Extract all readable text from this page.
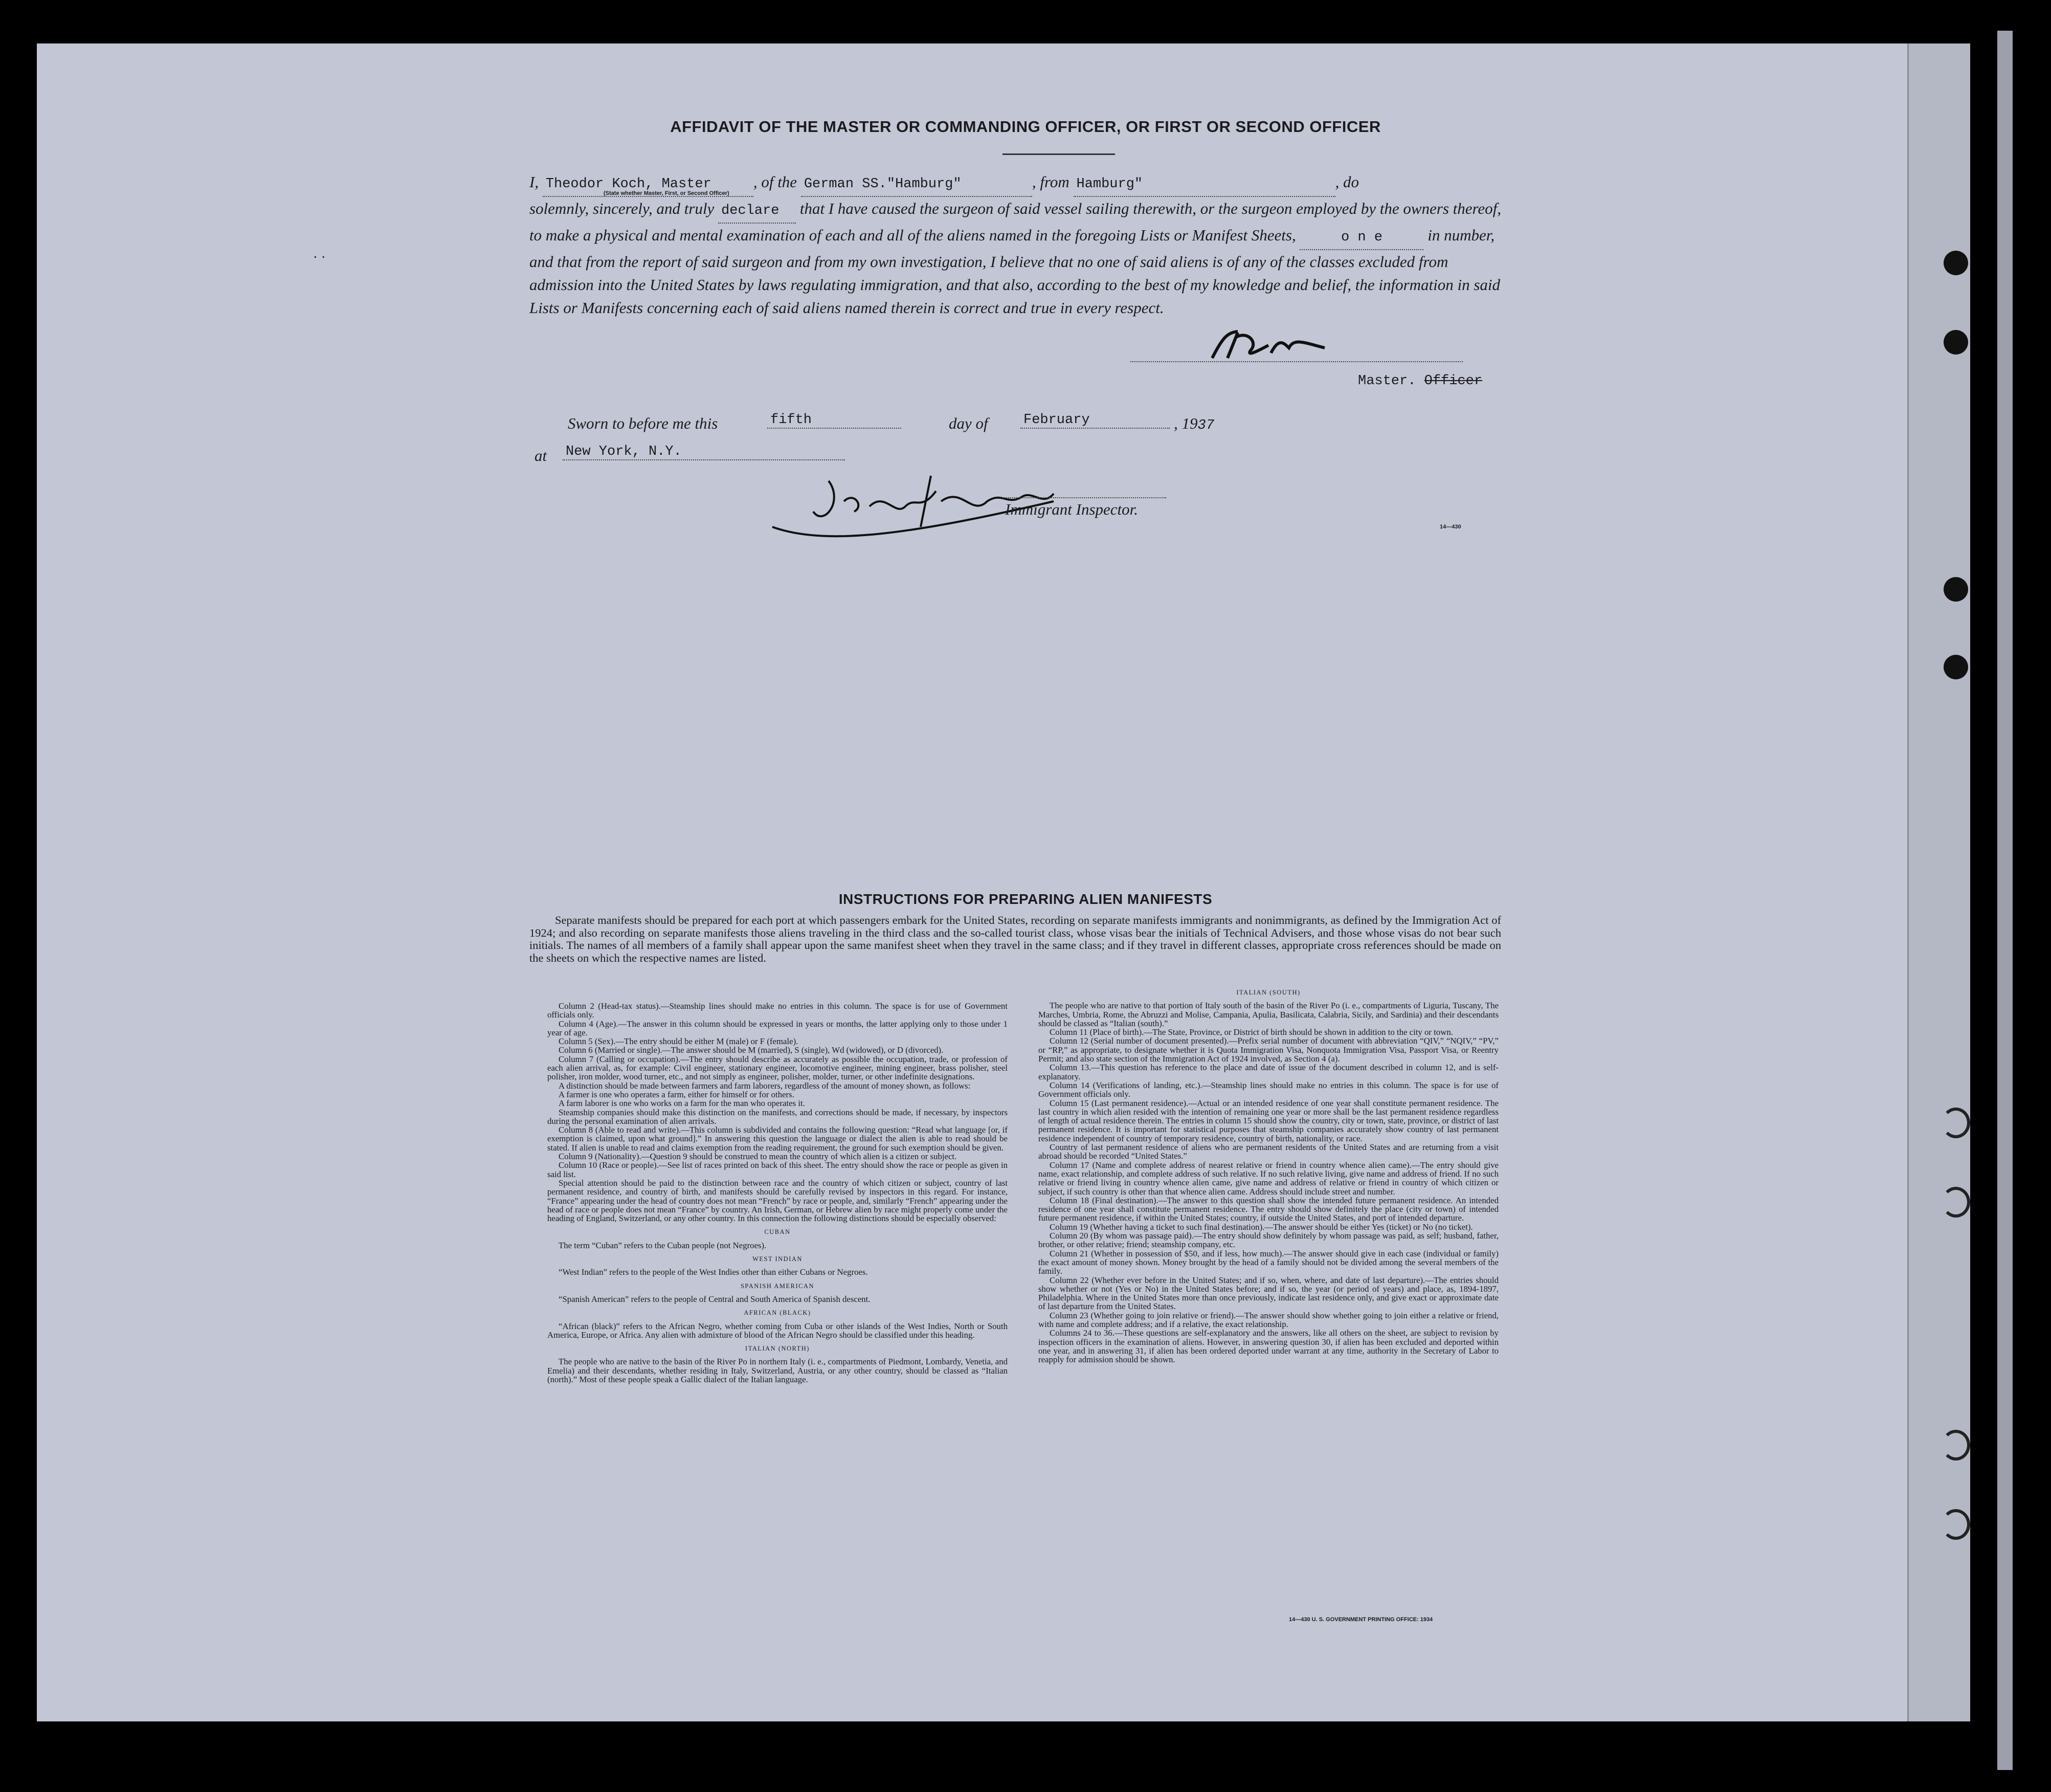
․ ․
AFFIDAVIT OF THE MASTER OR COMMANDING OFFICER, OR FIRST OR SECOND OFFICER
I, Theodor Koch, Master	, of the German SS."Hamburg"	, from Hamburg"	, do
solemnly, sincerely, and truly declare that I have caused the surgeon of said vessel sailing therewith, or the surgeon employed by the owners thereof, to make a physical and mental examination of each and all of the aliens named in the foregoing Lists or Manifest Sheets,	o n e	in number, and that from the report of said surgeon and from my own investigation, I believe that no one of said aliens is of any of the classes excluded from admission into the United States by laws regulating immigration, and that also, according to the best of my knowledge and belief, the information in said Lists or Manifests concerning each of said aliens named therein is correct and true in every respect.
(State whether Master, First, or Second Officer)
Master. Officer
Sworn to before me this	fifth	day of	February	, 1937
at New York, N.Y.
Immigrant Inspector.
14—430
INSTRUCTIONS FOR PREPARING ALIEN MANIFESTS
Separate manifests should be prepared for each port at which passengers embark for the United States, recording on separate manifests immigrants and nonimmigrants, as defined by the Immigration Act of 1924; and also recording on separate manifests those aliens traveling in the third class and the so-called tourist class, whose visas bear the initials of Technical Advisers, and those whose visas do not bear such initials. The names of all members of a family shall appear upon the same manifest sheet when they travel in the same class; and if they travel in different classes, appropriate cross references should be made on the sheets on which the respective names are listed.

Column 2 (Head-tax status).—Steamship lines should make no entries in this column. The space is for use of Government officials only.

Column 4 (Age).—The answer in this column should be expressed in years or months, the latter applying only to those under 1 year of age.

Column 5 (Sex).—The entry should be either M (male) or F (female).

Column 6 (Married or single).—The answer should be M (married), S (single), Wd (widowed), or D (divorced).

Column 7 (Calling or occupation).—The entry should describe as accurately as possible the occupation, trade, or profession of each alien arrival, as, for example: Civil engineer, stationary engineer, locomotive engineer, mining engineer, brass polisher, steel polisher, iron molder, wood turner, etc., and not simply as engineer, polisher, molder, turner, or other indefinite designations.

A distinction should be made between farmers and farm laborers, regardless of the amount of money shown, as follows:

A farmer is one who operates a farm, either for himself or for others.

A farm laborer is one who works on a farm for the man who operates it.

Steamship companies should make this distinction on the manifests, and corrections should be made, if necessary, by inspectors during the personal examination of alien arrivals.

Column 8 (Able to read and write).—This column is subdivided and contains the following question: “Read what language [or, if exemption is claimed, upon what ground].” In answering this question the language or dialect the alien is able to read should be stated. If alien is unable to read and claims exemption from the reading requirement, the ground for such exemption should be given.

Column 9 (Nationality).—Question 9 should be construed to mean the country of which alien is a citizen or subject.

Column 10 (Race or people).—See list of races printed on back of this sheet. The entry should show the race or people as given in said list.

Special attention should be paid to the distinction between race and the country of which citizen or subject, country of last permanent residence, and country of birth, and manifests should be carefully revised by inspectors in this regard. For instance, “France” appearing under the head of country does not mean “French” by race or people, and, similarly “French” appearing under the head of race or people does not mean “France” by country. An Irish, German, or Hebrew alien by race might properly come under the heading of England, Switzerland, or any other country. In this connection the following distinctions should be especially observed:

CUBAN

The term “Cuban” refers to the Cuban people (not Negroes).

WEST INDIAN

“West Indian” refers to the people of the West Indies other than either Cubans or Negroes.

SPANISH AMERICAN

“Spanish American” refers to the people of Central and South America of Spanish descent.

AFRICAN (BLACK)

“African (black)” refers to the African Negro, whether coming from Cuba or other islands of the West Indies, North or South America, Europe, or Africa. Any alien with admixture of blood of the African Negro should be classified under this heading.

ITALIAN (NORTH)

The people who are native to the basin of the River Po in northern Italy (i. e., compartments of Piedmont, Lombardy, Venetia, and Emelia) and their descendants, whether residing in Italy, Switzerland, Austria, or any other country, should be classed as “Italian (north).” Most of these people speak a Gallic dialect of the Italian language.

ITALIAN (SOUTH)

The people who are native to that portion of Italy south of the basin of the River Po (i. e., compartments of Liguria, Tuscany, The Marches, Umbria, Rome, the Abruzzi and Molise, Campania, Apulia, Basilicata, Calabria, Sicily, and Sardinia) and their descendants should be classed as “Italian (south).”

Column 11 (Place of birth).—The State, Province, or District of birth should be shown in addition to the city or town.

Column 12 (Serial number of document presented).—Prefix serial number of document with abbreviation “QIV,” “NQIV,” “PV,” or “RP,” as appropriate, to designate whether it is Quota Immigration Visa, Nonquota Immigration Visa, Passport Visa, or Reentry Permit; and also state section of the Immigration Act of 1924 involved, as Section 4 (a).

Column 13.—This question has reference to the place and date of issue of the document described in column 12, and is self-explanatory.

Column 14 (Verifications of landing, etc.).—Steamship lines should make no entries in this column. The space is for use of Government officials only.

Column 15 (Last permanent residence).—Actual or an intended residence of one year shall constitute permanent residence. The last country in which alien resided with the intention of remaining one year or more shall be the last permanent residence regardless of length of actual residence therein. The entries in column 15 should show the country, city or town, state, province, or district of last permanent residence. It is important for statistical purposes that steamship companies accurately show country of last permanent residence independent of country of temporary residence, country of birth, nationality, or race.

Country of last permanent residence of aliens who are permanent residents of the United States and are returning from a visit abroad should be recorded “United States.”

Column 17 (Name and complete address of nearest relative or friend in country whence alien came).—The entry should give name, exact relationship, and complete address of such relative. If no such relative living, give name and address of friend. If no such relative or friend living in country whence alien came, give name and address of relative or friend in country of which citizen or subject, if such country is other than that whence alien came. Address should include street and number.

Column 18 (Final destination).—The answer to this question shall show the intended future permanent residence. An intended residence of one year shall constitute permanent residence. The entry should show definitely the place (city or town) of intended future permanent residence, if within the United States; country, if outside the United States, and port of intended departure.

Column 19 (Whether having a ticket to such final destination).—The answer should be either Yes (ticket) or No (no ticket).

Column 20 (By whom was passage paid).—The entry should show definitely by whom passage was paid, as self; husband, father, brother, or other relative; friend; steamship company, etc.

Column 21 (Whether in possession of $50, and if less, how much).—The answer should give in each case (individual or family) the exact amount of money shown. Money brought by the head of a family should not be divided among the several members of the family.

Column 22 (Whether ever before in the United States; and if so, when, where, and date of last departure).—The entries should show whether or not (Yes or No) in the United States before; and if so, the year (or period of years) and place, as, 1894-1897, Philadelphia. Where in the United States more than once previously, indicate last residence only, and give exact or approximate date of last departure from the United States.

Column 23 (Whether going to join relative or friend).—The answer should show whether going to join either a relative or friend, with name and complete address; and if a relative, the exact relationship.

Columns 24 to 36.—These questions are self-explanatory and the answers, like all others on the sheet, are subject to revision by inspection officers in the examination of aliens. However, in answering question 30, if alien has been excluded and deported within one year, and in answering 31, if alien has been ordered deported under warrant at any time, authority in the Secretary of Labor to reapply for admission should be shown.

14—430 U. S. GOVERNMENT PRINTING OFFICE: 1934
